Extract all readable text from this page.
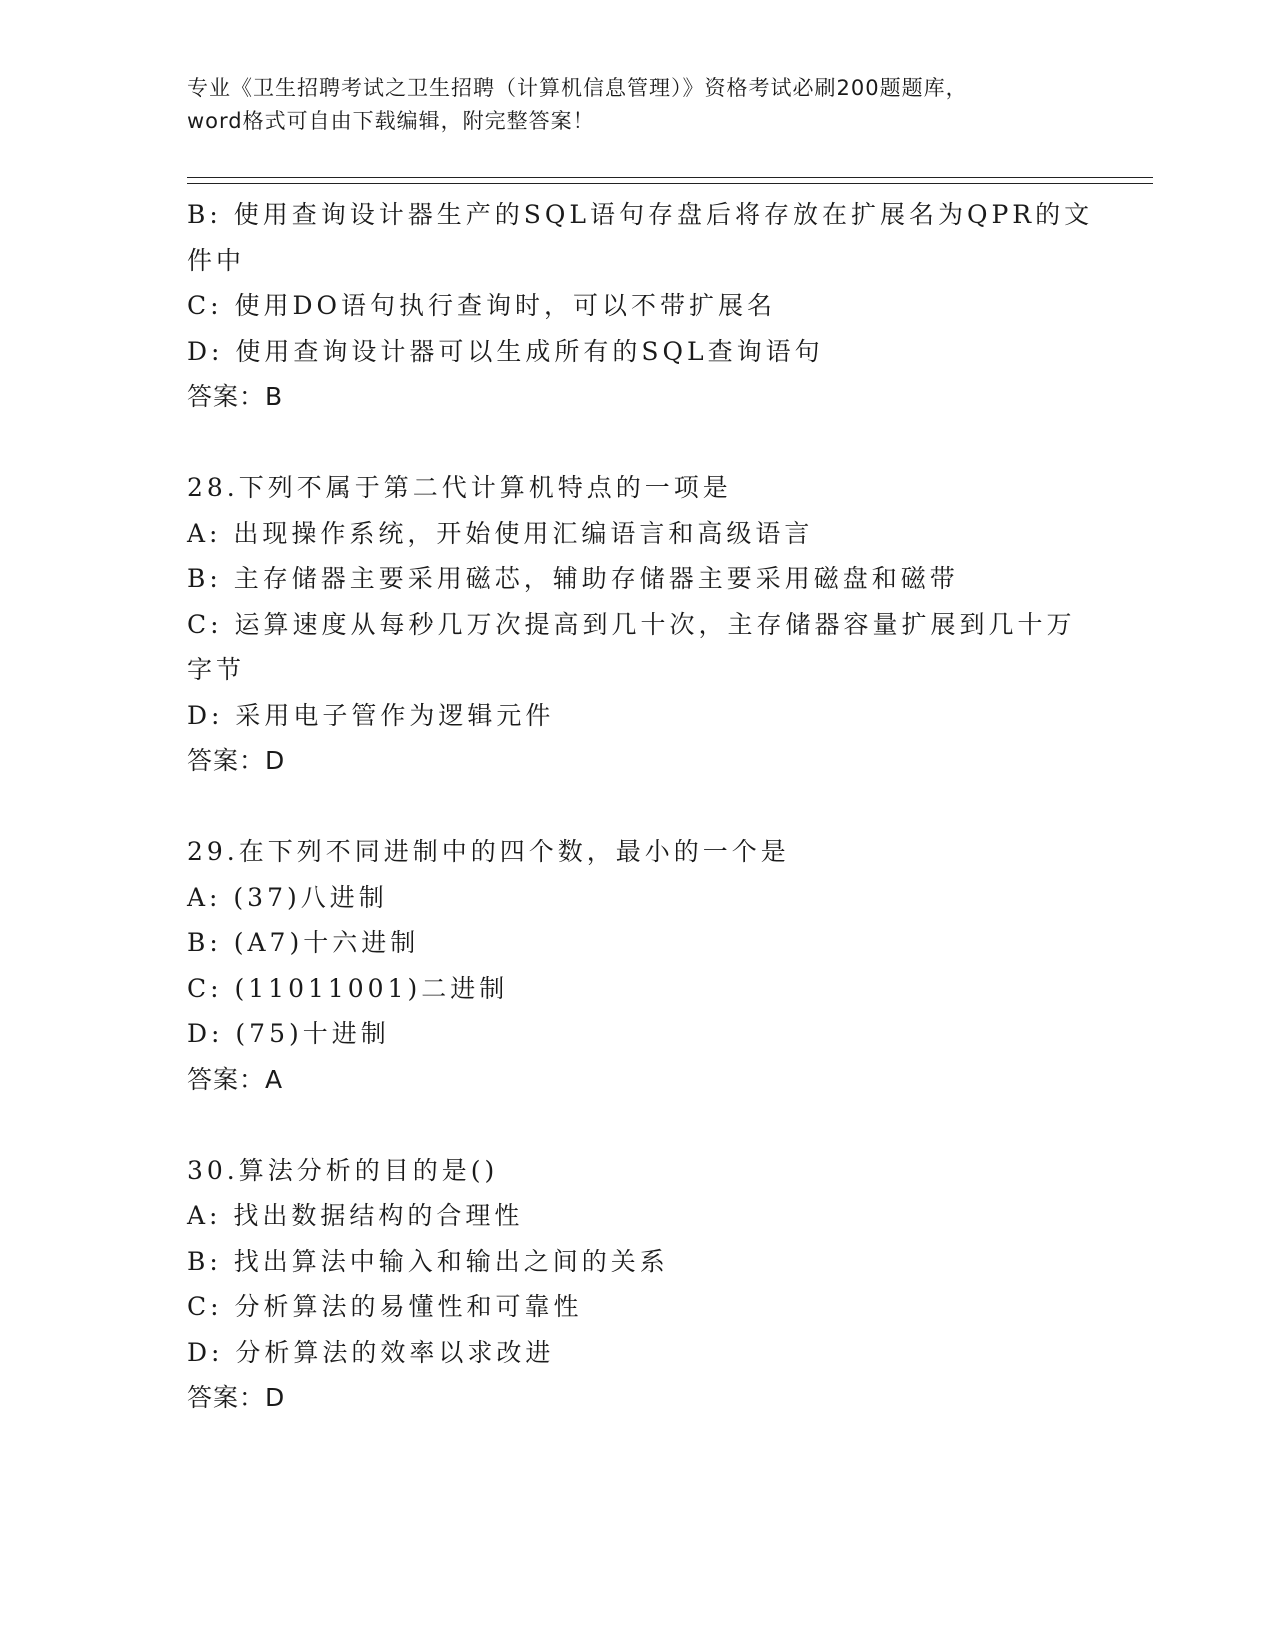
专业《卫生招聘考试之卫生招聘（计算机信息管理）》资格考试必刷200题题库，
word格式可自由下载编辑，附完整答案！
B: 使用查询设计器生产的SQL语句存盘后将存放在扩展名为QPR的文
件中
C: 使用DO语句执行查询时，可以不带扩展名
D: 使用查询设计器可以生成所有的SQL查询语句
答案：B
28.下列不属于第二代计算机特点的一项是
A: 出现操作系统，开始使用汇编语言和高级语言
B: 主存储器主要采用磁芯，辅助存储器主要采用磁盘和磁带
C: 运算速度从每秒几万次提高到几十次，主存储器容量扩展到几十万
字节
D: 采用电子管作为逻辑元件
答案：D
29.在下列不同进制中的四个数，最小的一个是
A: (37)八进制
B: (A7)十六进制
C: (11011001)二进制
D: (75)十进制
答案：A
30.算法分析的目的是()
A: 找出数据结构的合理性
B: 找出算法中输入和输出之间的关系
C: 分析算法的易懂性和可靠性
D: 分析算法的效率以求改进
答案：D
